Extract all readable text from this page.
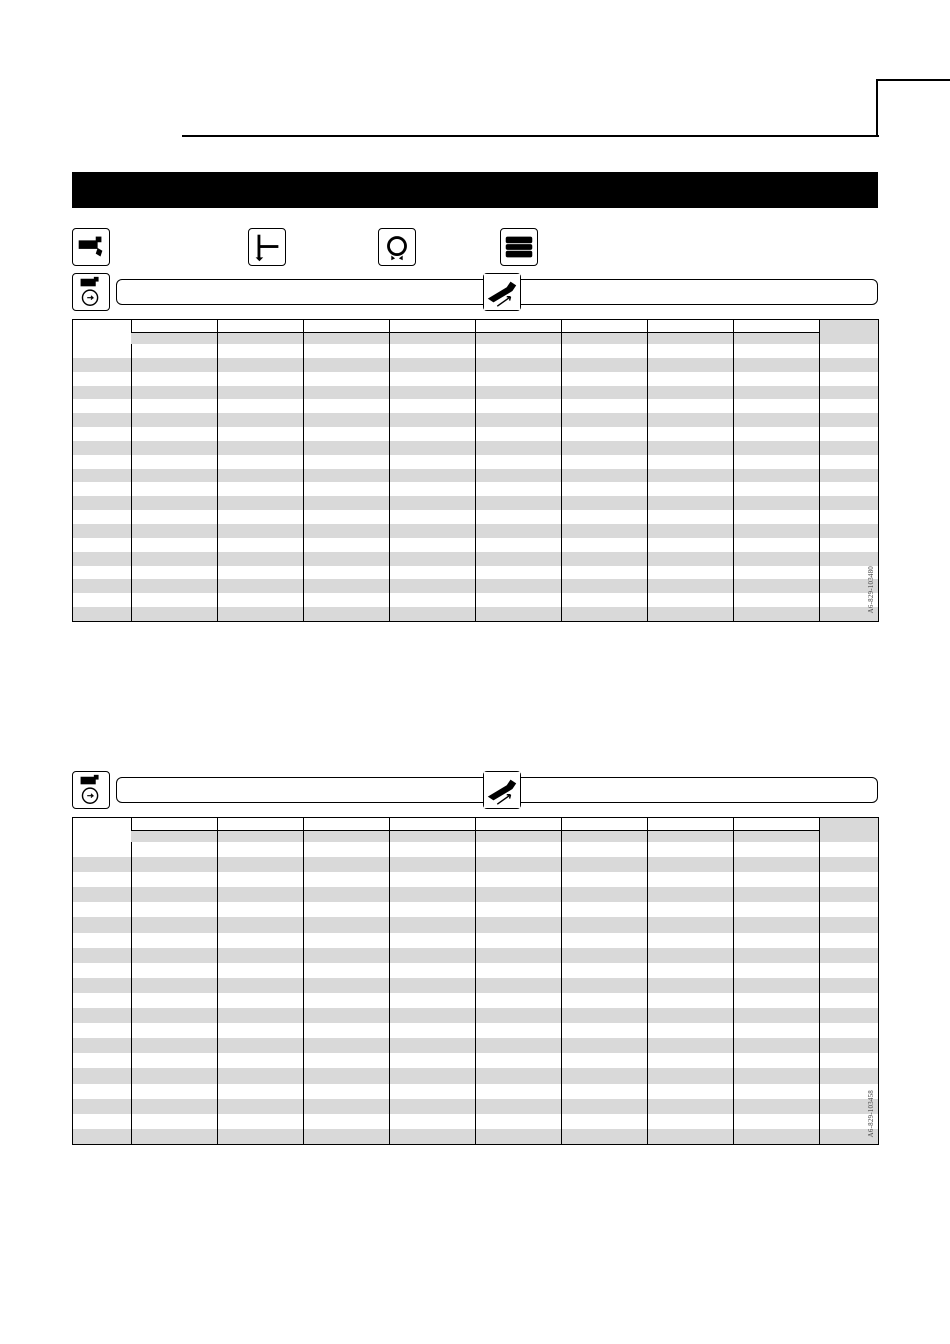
A6-829-103480

A6-829-103458
